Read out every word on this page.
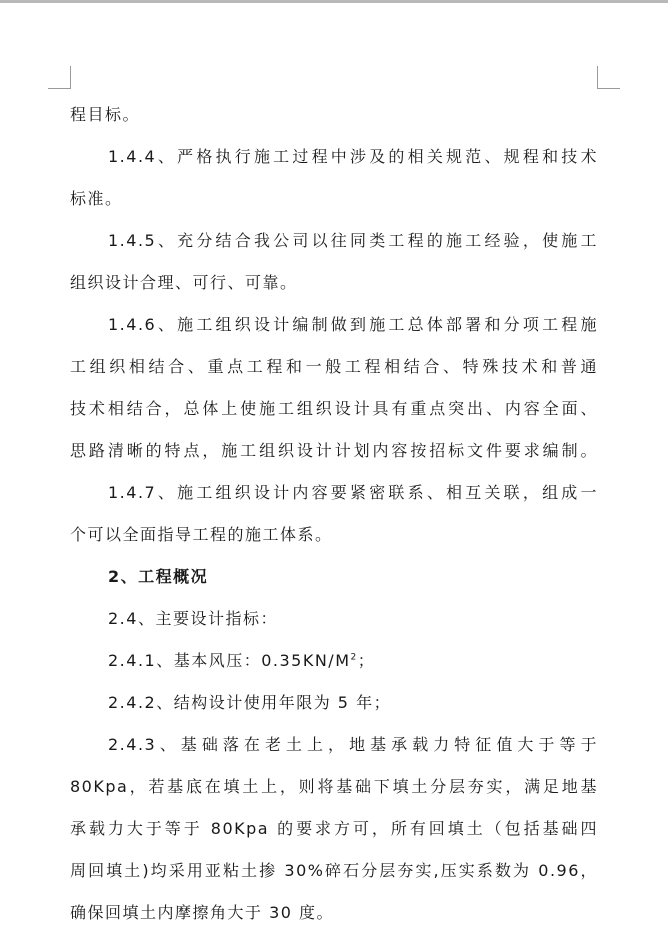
程目标。
1.4.4、严格执行施工过程中涉及的相关规范、规程和技术
标准。
1.4.5、充分结合我公司以往同类工程的施工经验，使施工
组织设计合理、可行、可靠。
1.4.6、施工组织设计编制做到施工总体部署和分项工程施
工组织相结合、重点工程和一般工程相结合、特殊技术和普通
技术相结合，总体上使施工组织设计具有重点突出、内容全面、
思路清晰的特点，施工组织设计计划内容按招标文件要求编制。
1.4.7、施工组织设计内容要紧密联系、相互关联，组成一
个可以全面指导工程的施工体系。
2、工程概况
2.4、主要设计指标：
2.4.1、基本风压：$0.35KN/M^2$；
2.4.2、结构设计使用年限为 5 年；
2.4.3、基础落在老土上，地基承载力特征值大于等于
80Kpa，若基底在填土上，则将基础下填土分层夯实，满足地基
承载力大于等于 80Kpa 的要求方可，所有回填土（包括基础四
周回填土)均采用亚粘土掺 30%碎石分层夯实,压实系数为 0.96，
确保回填土内摩擦角大于 30 度。
